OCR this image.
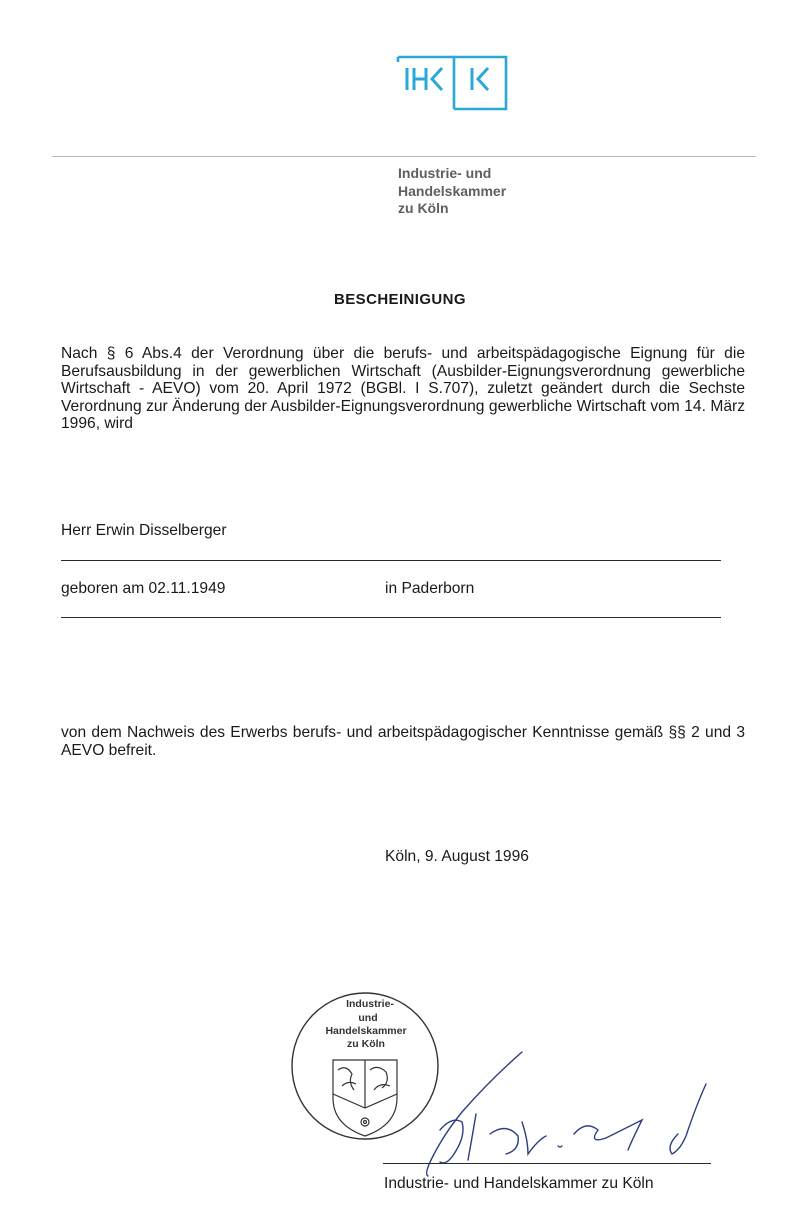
Industrie- und
Handelskammer
zu Köln
BESCHEINIGUNG
Nach § 6 Abs.4 der Verordnung über die berufs- und arbeitspädagogische Eignung für die Berufsausbildung in der gewerblichen Wirtschaft (Ausbilder-Eignungsverordnung gewerbliche Wirtschaft - AEVO) vom 20. April 1972 (BGBl. I S.707), zuletzt geändert durch die Sechste Verordnung zur Änderung der Ausbilder-Eignungsverordnung gewerbliche Wirtschaft vom 14. März 1996, wird
Herr Erwin Disselberger
geboren am 02.11.1949	in Paderborn
von dem Nachweis des Erwerbs berufs- und arbeitspädagogischer Kenntnisse gemäß §§ 2 und 3 AEVO befreit.
Köln, 9. August 1996
Industrie-
und
Handelskammer
zu Köln
Industrie- und Handelskammer zu Köln
